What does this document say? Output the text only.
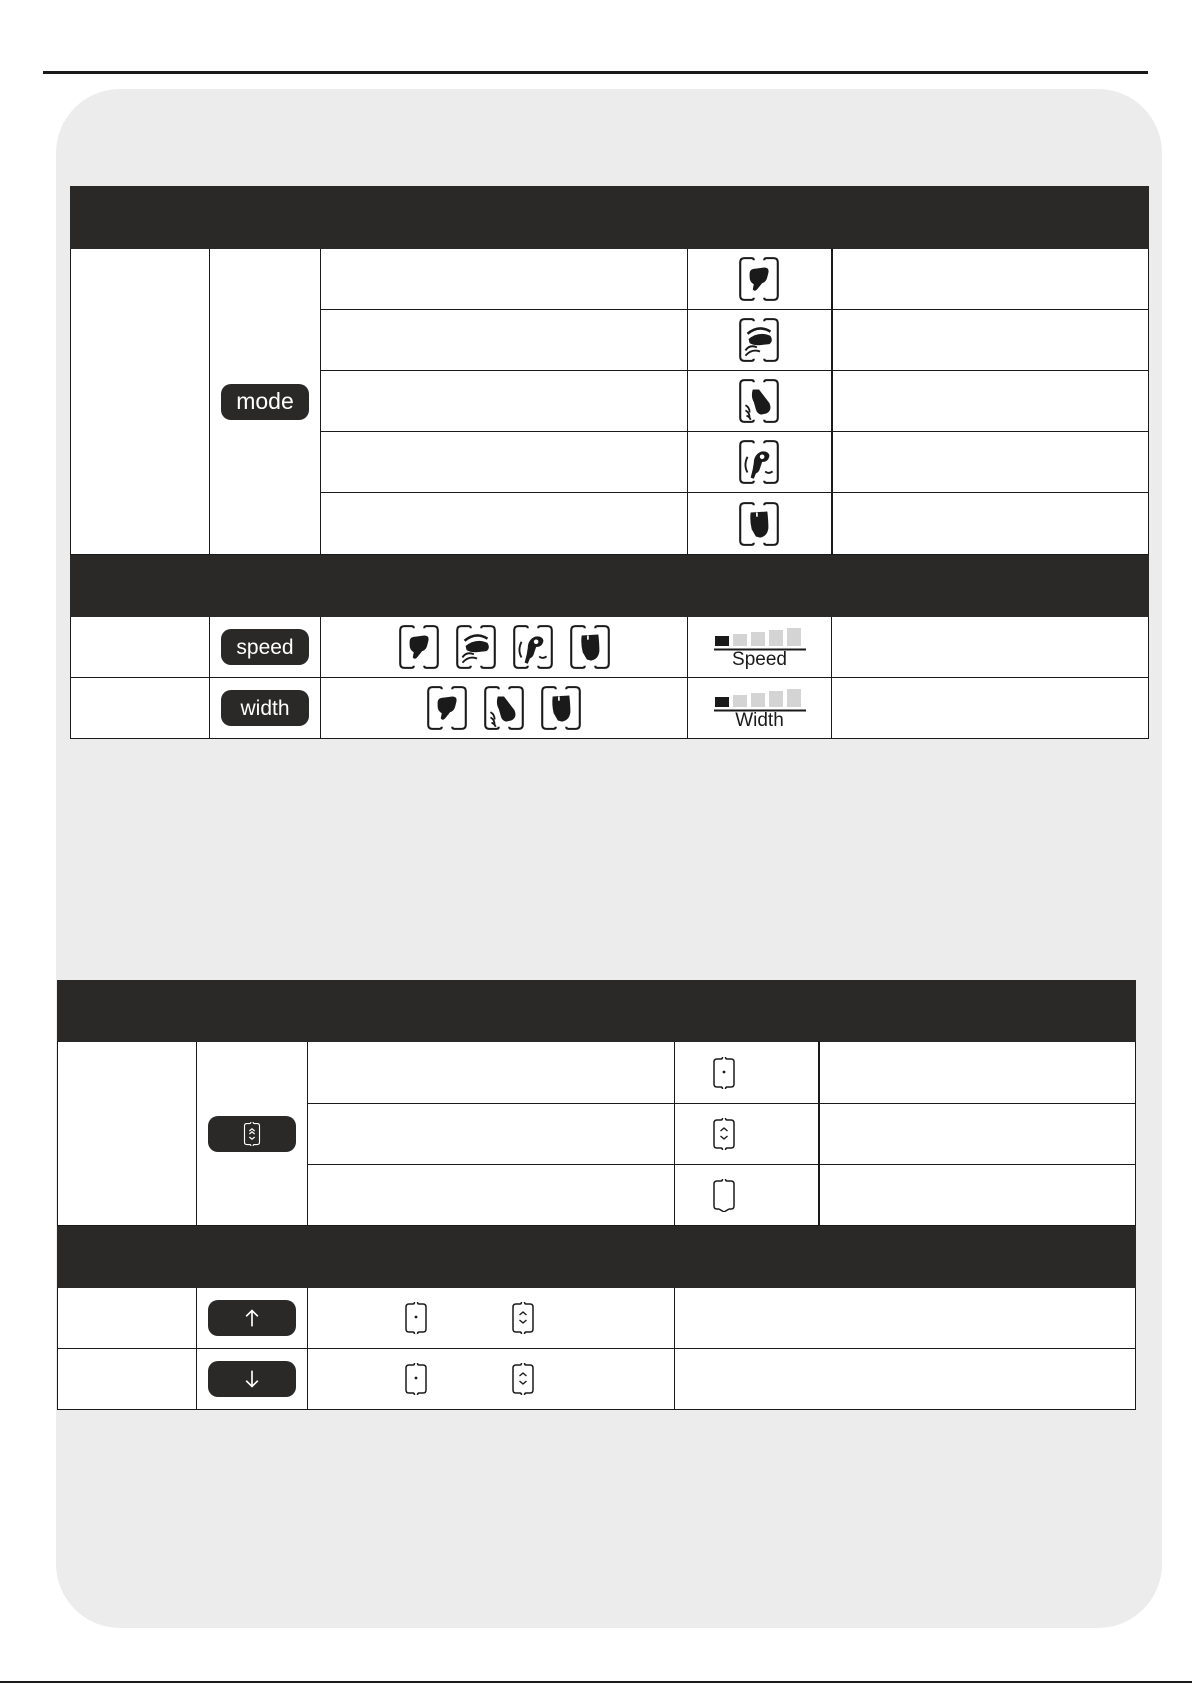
	mode		

	speed		Speed	

	width		Width	
